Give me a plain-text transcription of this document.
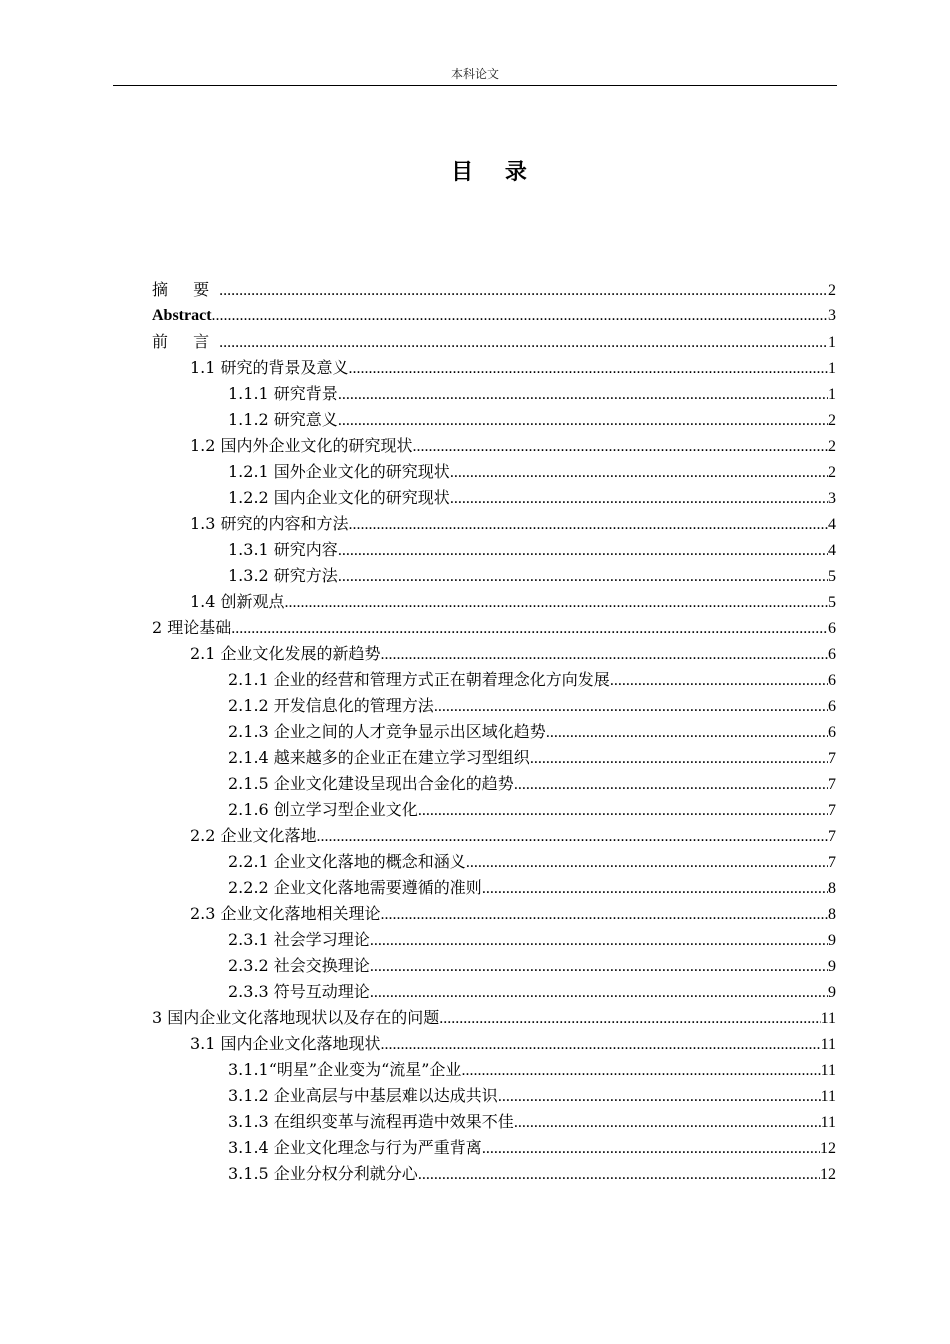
本科论文
目 录
摘 要 .....	2
Abstract .....	3
前 言 .....	1
1.1 研究的背景及意义 .....	1
1.1.1 研究背景 .....	1
1.1.2 研究意义 .....	2
1.2 国内外企业文化的研究现状 .....	2
1.2.1 国外企业文化的研究现状 .....	2
1.2.2 国内企业文化的研究现状 .....	3
1.3 研究的内容和方法 .....	4
1.3.1 研究内容 .....	4
1.3.2 研究方法 .....	5
1.4 创新观点 .....	5
2 理论基础 .....	6
2.1 企业文化发展的新趋势 .....	6
2.1.1 企业的经营和管理方式正在朝着理念化方向发展 .....	6
2.1.2 开发信息化的管理方法 .....	6
2.1.3 企业之间的人才竞争显示出区域化趋势 .....	6
2.1.4 越来越多的企业正在建立学习型组织 .....	7
2.1.5 企业文化建设呈现出合金化的趋势 .....	7
2.1.6 创立学习型企业文化 .....	7
2.2 企业文化落地 .....	7
2.2.1 企业文化落地的概念和涵义 .....	7
2.2.2 企业文化落地需要遵循的准则 .....	8
2.3 企业文化落地相关理论 .....	8
2.3.1 社会学习理论 .....	9
2.3.2 社会交换理论 .....	9
2.3.3 符号互动理论 .....	9
3 国内企业文化落地现状以及存在的问题 .....	11
3.1 国内企业文化落地现状 .....	11
3.1.1“明星”企业变为“流星”企业 .....	11
3.1.2 企业高层与中基层难以达成共识 .....	11
3.1.3 在组织变革与流程再造中效果不佳 .....	11
3.1.4 企业文化理念与行为严重背离 .....	12
3.1.5 企业分权分利就分心 .....	12
